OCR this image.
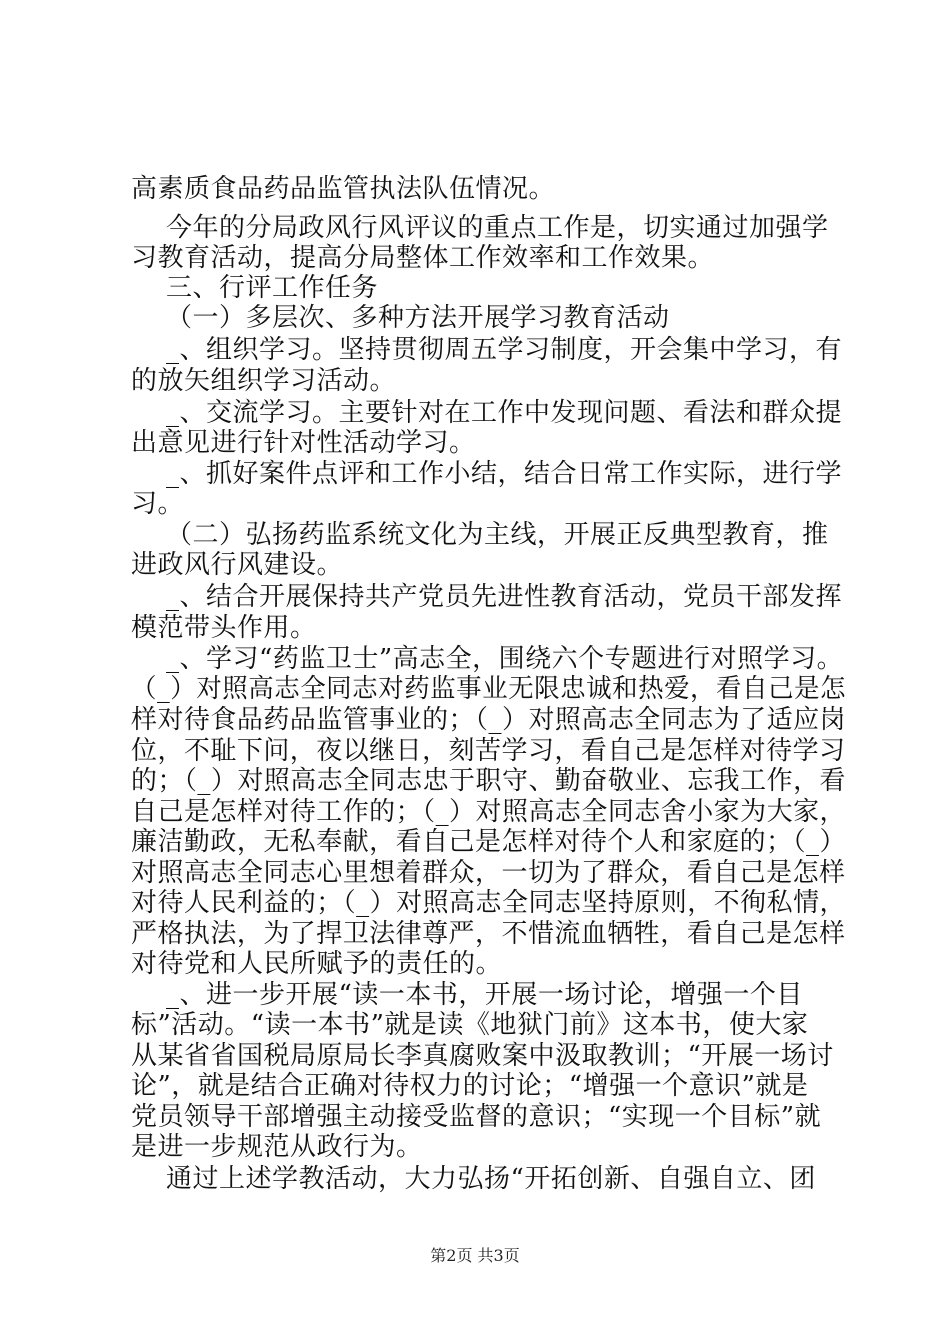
高素质食品药品监管执法队伍情况。
今年的分局政风行风评议的重点工作是，切实通过加强学
习教育活动，提高分局整体工作效率和工作效果。
三、行评工作任务
（一）多层次、多种方法开展学习教育活动
_、组织学习。坚持贯彻周五学习制度，开会集中学习，有
的放矢组织学习活动。
_、交流学习。主要针对在工作中发现问题、看法和群众提
出意见进行针对性活动学习。
_、抓好案件点评和工作小结，结合日常工作实际，进行学
习。
（二）弘扬药监系统文化为主线，开展正反典型教育，推
进政风行风建设。
_、结合开展保持共产党员先进性教育活动，党员干部发挥
模范带头作用。
_、学习“药监卫士”高志全，围绕六个专题进行对照学习。
（_）对照高志全同志对药监事业无限忠诚和热爱，看自己是怎
样对待食品药品监管事业的；（_）对照高志全同志为了适应岗
位，不耻下问，夜以继日，刻苦学习，看自己是怎样对待学习
的；（_）对照高志全同志忠于职守、勤奋敬业、忘我工作，看
自己是怎样对待工作的；（_）对照高志全同志舍小家为大家，
廉洁勤政，无私奉献，看自己是怎样对待个人和家庭的；（_）
对照高志全同志心里想着群众，一切为了群众，看自己是怎样
对待人民利益的；（_）对照高志全同志坚持原则，不徇私情，
严格执法，为了捍卫法律尊严，不惜流血牺牲，看自己是怎样
对待党和人民所赋予的责任的。
_、进一步开展“读一本书，开展一场讨论，增强一个目
标”活动。“读一本书”就是读《地狱门前》这本书，使大家
从某省省国税局原局长李真腐败案中汲取教训；“开展一场讨
论”，就是结合正确对待权力的讨论；“增强一个意识”就是
党员领导干部增强主动接受监督的意识；“实现一个目标”就
是进一步规范从政行为。
通过上述学教活动，大力弘扬“开拓创新、自强自立、团
第2页 共3页
